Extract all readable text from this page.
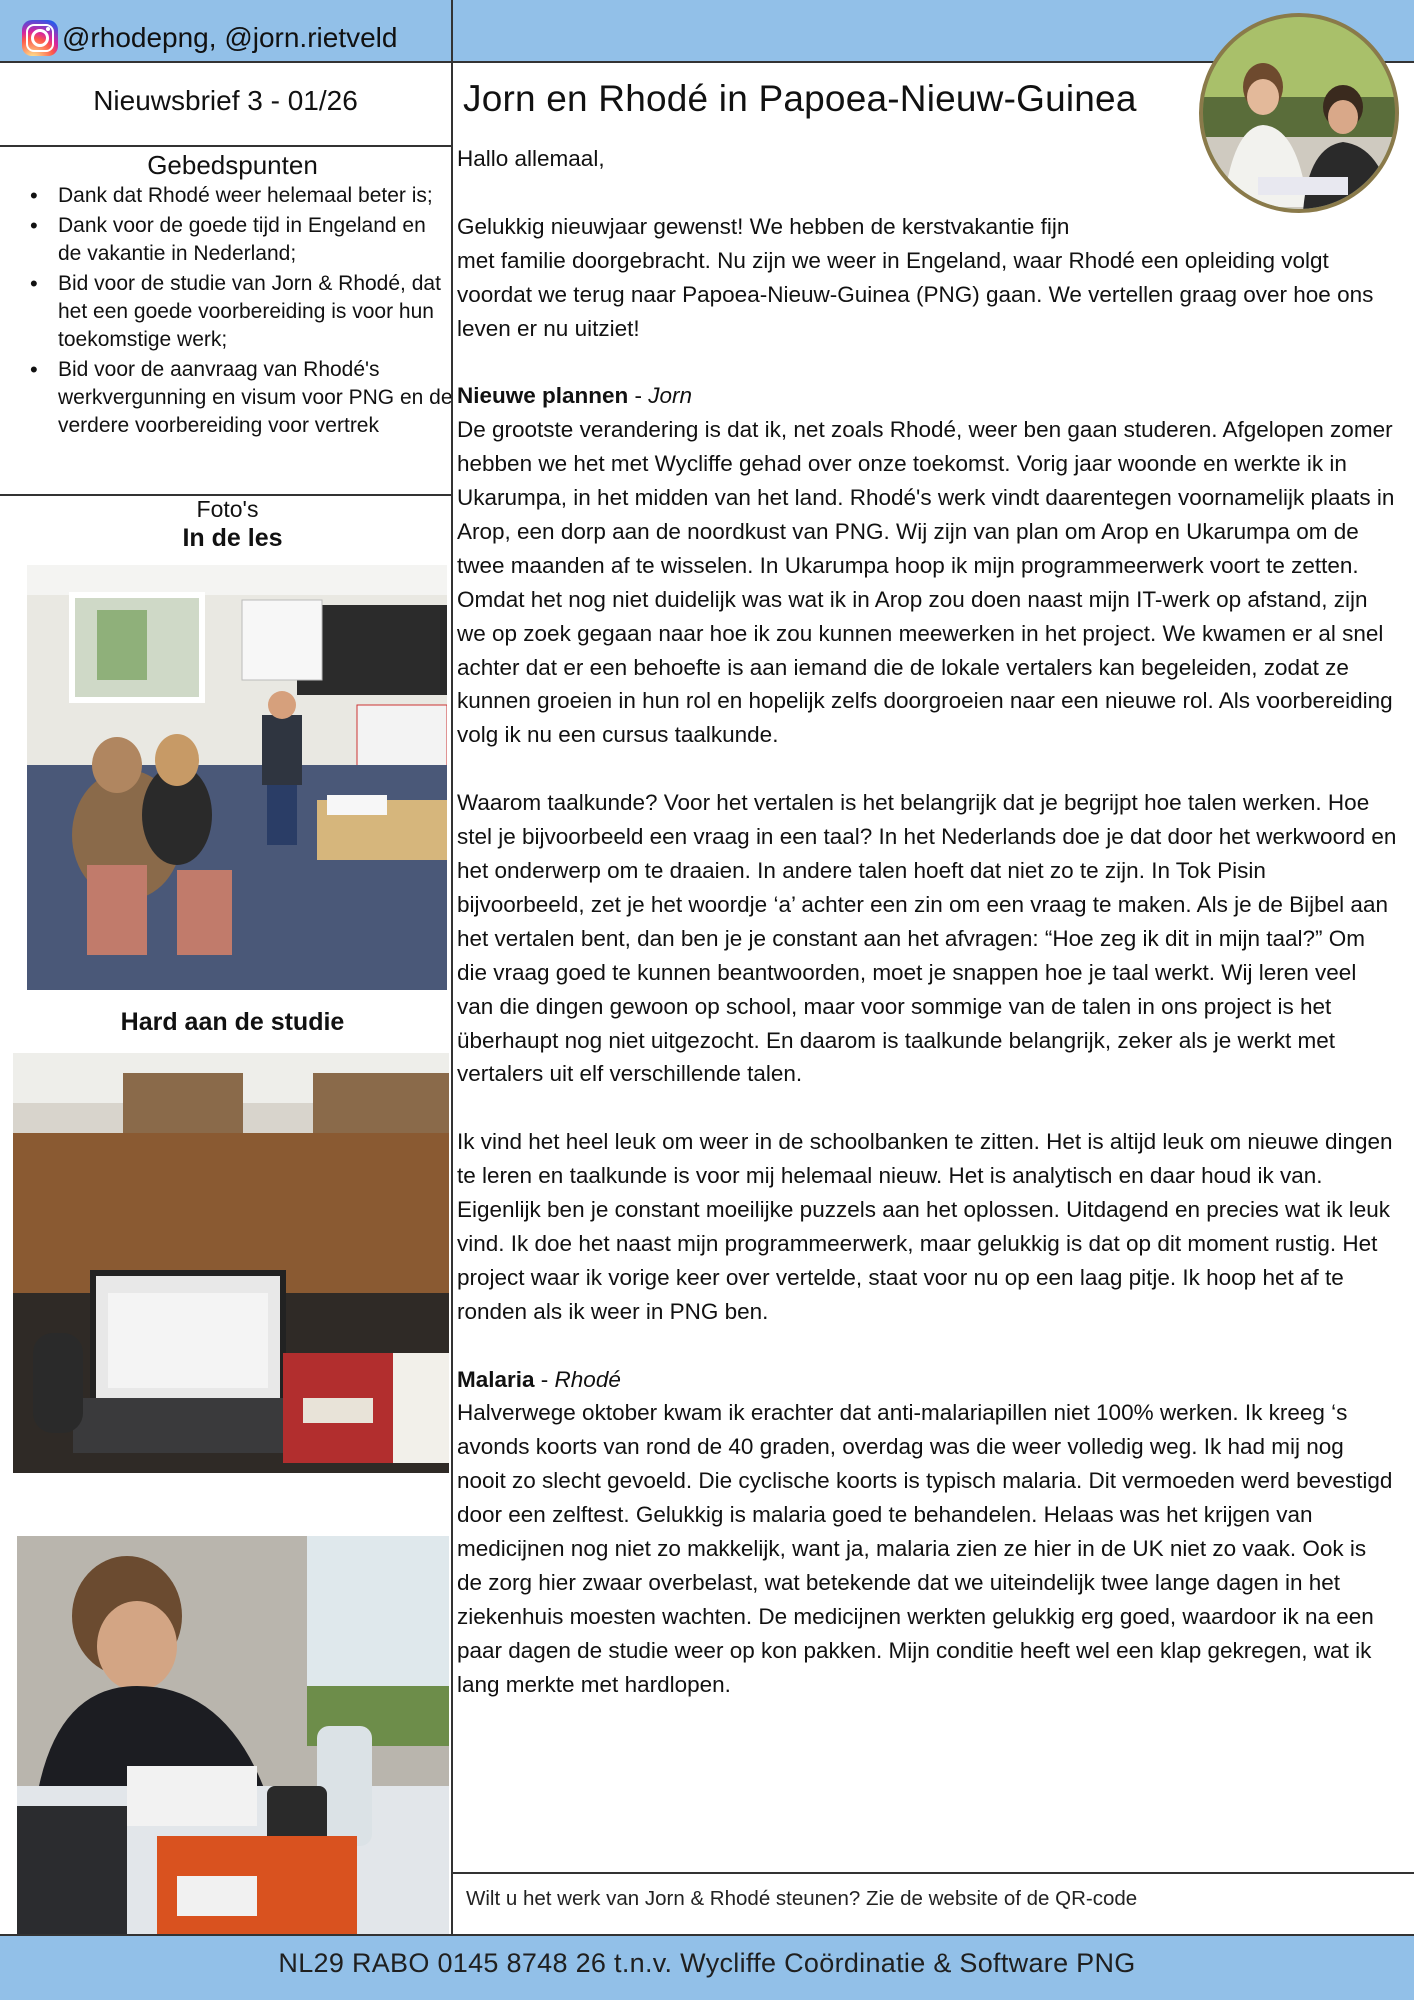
NL29 RABO 0145 8748 26 t.n.v. Wycliffe Coördinatie & Software PNG
@rhodepng, @jorn.rietveld
Nieuwsbrief 3 - 01/26	Jorn en Rhodé in Papoea-Nieuw-Guinea
Gebedspunten
• Dank dat Rhodé weer helemaal beter is;
• Dank voor de goede tijd in Engeland en de vakantie in Nederland;
• Bid voor de studie van Jorn & Rhodé, dat het een goede voorbereiding is voor hun toekomstige werk;
• Bid voor de aanvraag van Rhodé's werkvergunning en visum voor PNG en de verdere voorbereiding voor vertrek
Foto's
In de les
Hard aan de studie

Hallo allemaal,

Gelukkig nieuwjaar gewenst! We hebben de kerstvakantie fijn

met familie doorgebracht. Nu zijn we weer in Engeland, waar Rhodé een opleiding volgt voordat we terug naar Papoea-Nieuw-Guinea (PNG) gaan. We vertellen graag over hoe ons leven er nu uitziet!

Nieuwe plannen - Jorn

De grootste verandering is dat ik, net zoals Rhodé, weer ben gaan studeren. Afgelopen zomer hebben we het met Wycliffe gehad over onze toekomst. Vorig jaar woonde en werkte ik in Ukarumpa, in het midden van het land. Rhodé's werk vindt daarentegen voornamelijk plaats in Arop, een dorp aan de noordkust van PNG. Wij zijn van plan om Arop en Ukarumpa om de twee maanden af te wisselen. In Ukarumpa hoop ik mijn programmeerwerk voort te zetten. Omdat het nog niet duidelijk was wat ik in Arop zou doen naast mijn IT-werk op afstand, zijn we op zoek gegaan naar hoe ik zou kunnen meewerken in het project. We kwamen er al snel achter dat er een behoefte is aan iemand die de lokale vertalers kan begeleiden, zodat ze kunnen groeien in hun rol en hopelijk zelfs doorgroeien naar een nieuwe rol. Als voorbereiding volg ik nu een cursus taalkunde.

Waarom taalkunde? Voor het vertalen is het belangrijk dat je begrijpt hoe talen werken. Hoe stel je bijvoorbeeld een vraag in een taal? In het Nederlands doe je dat door het werkwoord en het onderwerp om te draaien. In andere talen hoeft dat niet zo te zijn. In Tok Pisin bijvoorbeeld, zet je het woordje ‘a’ achter een zin om een vraag te maken. Als je de Bijbel aan het vertalen bent, dan ben je je constant aan het afvragen: “Hoe zeg ik dit in mijn taal?” Om die vraag goed te kunnen beantwoorden, moet je snappen hoe je taal werkt. Wij leren veel van die dingen gewoon op school, maar voor sommige van de talen in ons project is het überhaupt nog niet uitgezocht. En daarom is taalkunde belangrijk, zeker als je werkt met vertalers uit elf verschillende talen.

Ik vind het heel leuk om weer in de schoolbanken te zitten. Het is altijd leuk om nieuwe dingen te leren en taalkunde is voor mij helemaal nieuw. Het is analytisch en daar houd ik van. Eigenlijk ben je constant moeilijke puzzels aan het oplossen. Uitdagend en precies wat ik leuk vind. Ik doe het naast mijn programmeerwerk, maar gelukkig is dat op dit moment rustig. Het project waar ik vorige keer over vertelde, staat voor nu op een laag pitje. Ik hoop het af te ronden als ik weer in PNG ben.

Malaria - Rhodé

Halverwege oktober kwam ik erachter dat anti-malariapillen niet 100% werken. Ik kreeg ‘s avonds koorts van rond de 40 graden, overdag was die weer volledig weg. Ik had mij nog nooit zo slecht gevoeld. Die cyclische koorts is typisch malaria. Dit vermoeden werd bevestigd door een zelftest. Gelukkig is malaria goed te behandelen. Helaas was het krijgen van medicijnen nog niet zo makkelijk, want ja, malaria zien ze hier in de UK niet zo vaak. Ook is de zorg hier zwaar overbelast, wat betekende dat we uiteindelijk twee lange dagen in het ziekenhuis moesten wachten. De medicijnen werkten gelukkig erg goed, waardoor ik na een paar dagen de studie weer op kon pakken. Mijn conditie heeft wel een klap gekregen, wat ik lang merkte met hardlopen.

Wilt u het werk van Jorn & Rhodé steunen? Zie de website of de QR-code
